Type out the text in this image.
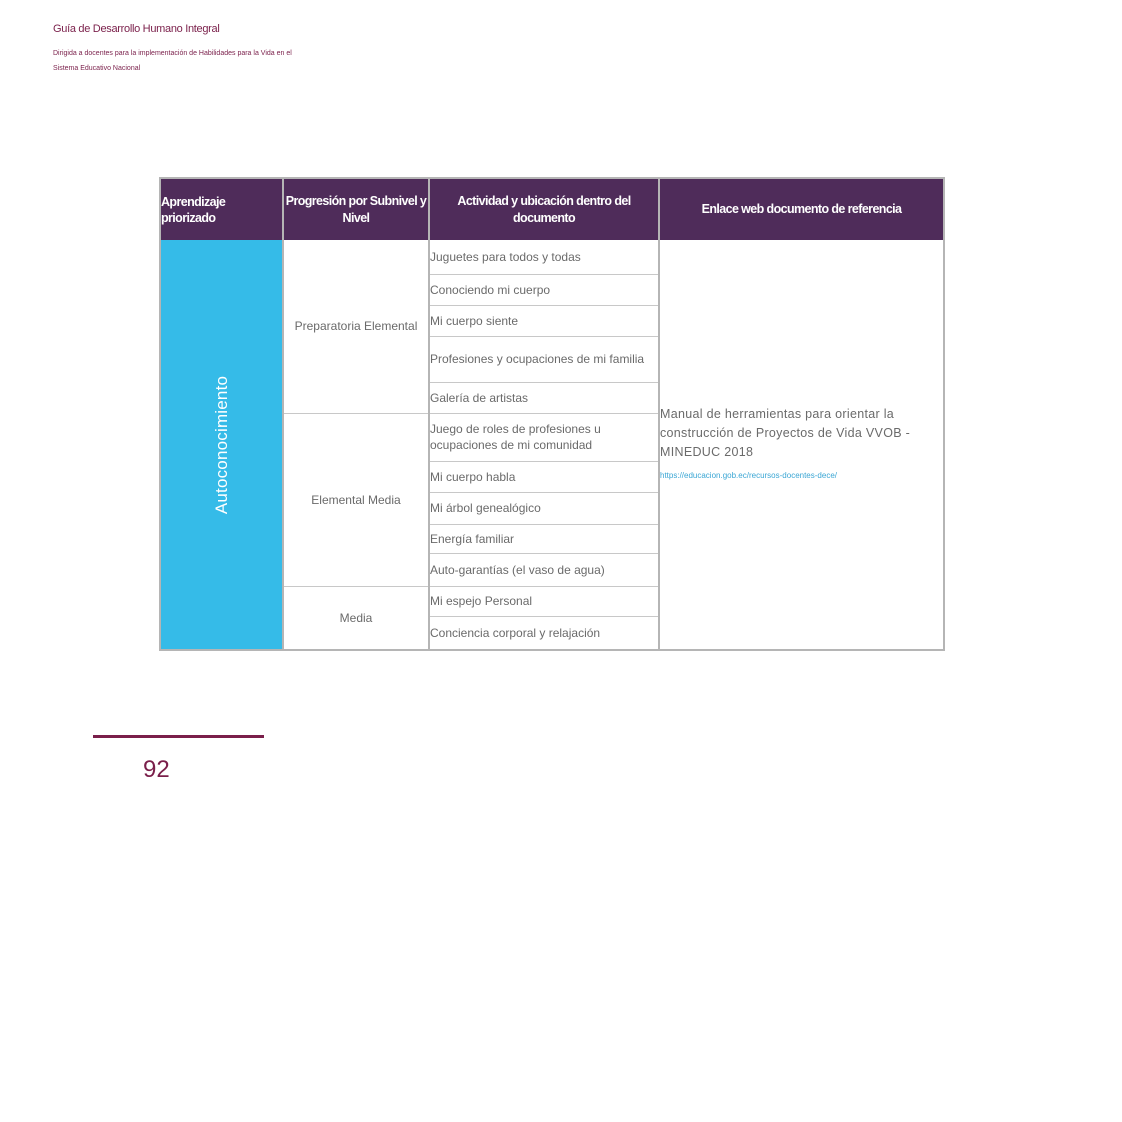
Guía de Desarrollo Humano Integral
Dirigida a docentes para la implementación de Habilidades para la Vida en el Sistema Educativo Nacional
Aprendizaje priorizado	Progresión por Subnivel y Nivel	Actividad y ubicación dentro del documento	Enlace web documento de referencia

Autoconocimiento	Preparatoria Elemental	Juguetes para todos y todas	Manual de herramientas para orientar la construcción de Proyectos de Vida VVOB -MINEDUC 2018
https://educacion.gob.ec/recursos-docentes-dece/

		Conociendo mi cuerpo	
		Mi cuerpo siente	
		Profesiones y ocupaciones de mi familia	
		Galería de artistas	
	Elemental Media	Juego de roles de profesiones u ocupaciones de mi comunidad	
		Mi cuerpo habla	
		Mi árbol genealógico	
		Energía familiar	
		Auto-garantías (el vaso de agua)	
	Media	Mi espejo Personal	
		Conciencia corporal y relajación	
92
